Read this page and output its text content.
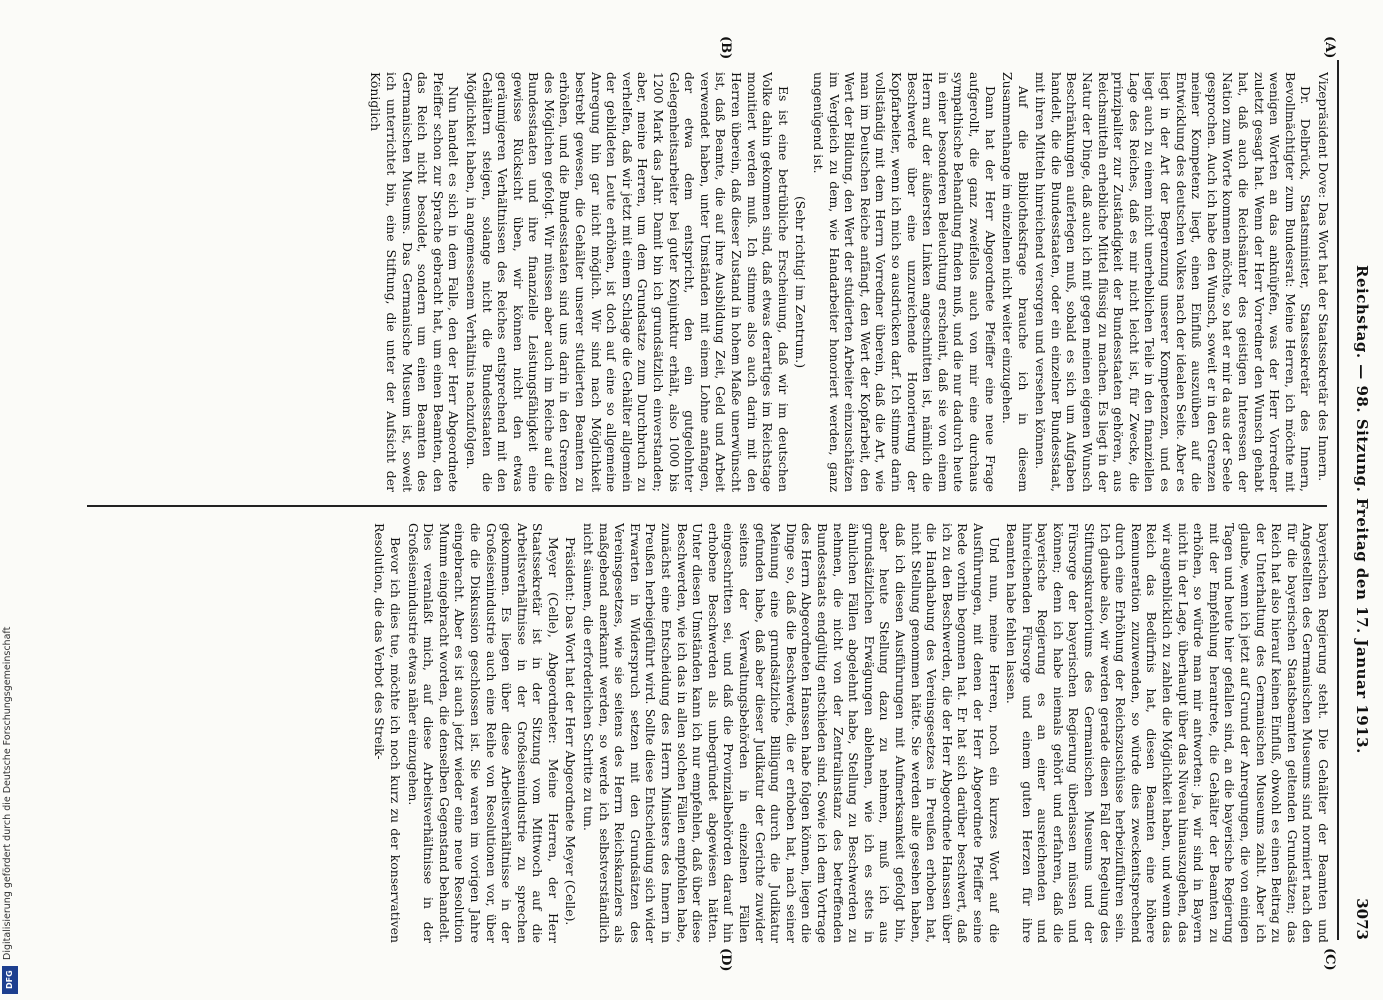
Reichstag. — 98. Sitzung. Freitag den 17. Januar 1913.
3073
(A)
(B)
(C)
(D)

Vizepräsident Dove: Das Wort hat der Staatssekretär des Innern.

Dr. Delbrück, Staatsminister, Staatssekretär des Innern, Bevollmächtigter zum Bundesrat: Meine Herren, ich möchte mit wenigen Worten an das anknüpfen, was der Herr Vorredner zuletzt gesagt hat. Wenn der Herr Vorredner den Wunsch gehabt hat, daß auch die Reichsämter des geistigen Interessen der Nation zum Worte kommen möchte, so hat er mir da aus der Seele gesprochen. Auch ich habe den Wunsch, soweit er in den Grenzen meiner Kompetenz liegt, einen Einfluß auszuüben auf die Entwicklung des deutschen Volkes nach der idealen Seite. Aber es liegt in der Art der Begrenzung unserer Kompetenzen, und es liegt auch zu einem nicht unerheblichen Teile in den finanziellen Lage des Reiches, daß es mir nicht leicht ist, für Zwecke, die prinzipaliter zur Zuständigkeit der Bundesstaaten gehören, aus Reichsmitteln erhebliche Mittel flüssig zu machen. Es liegt in der Natur der Dinge, daß auch ich mit gegen meinen eigenen Wunsch Beschränkungen auferlegen muß, sobald es sich um Aufgaben handelt, die die Bundesstaaten, oder ein einzelner Bundesstaat, mit ihren Mitteln hinreichend versorgen und versehen können.

Auf die Bibliotheksfrage brauche ich in diesem Zusammenhange im einzelnen nicht weiter einzugehen.

Dann hat der Herr Abgeordnete Pfeiffer eine neue Frage aufgerollt, die ganz zweifellos auch von mir eine durchaus sympathische Behandlung finden muß, und die nur dadurch heute in einer besonderen Beleuchtung erscheint, daß sie von einem Herrn auf der äußersten Linken angeschnitten ist, nämlich die Beschwerde über eine unzureichende Honorierung der Kopfarbeiter, wenn ich mich so ausdrücken darf. Ich stimme darin vollständig mit dem Herrn Vorredner überein, daß die Art, wie man im Deutschen Reiche anfängt, den Wert der Kopfarbeit, den Wert der Bildung, den Wert der studierten Arbeiter einzuschätzen im Vergleich zu dem, wie Handarbeiter honoriert werden, ganz ungenügend ist.

(Sehr richtig! im Zentrum.)

Es ist eine betrübliche Erscheinung, daß wir im deutschen Volke dahin gekommen sind, daß etwas derartiges im Reichstage monitiert werden muß. Ich stimme also auch darin mit den Herren überein, daß dieser Zustand in hohem Maße unerwünscht ist, daß Beamte, die auf ihre Ausbildung Zeit, Geld und Arbeit verwendet haben, unter Umständen mit einem Lohne anfangen, der etwa dem entspricht, den ein gutgelohnter Gelegenheitsarbeiter bei guter Konjunktur erhält, also 1000 bis 1200 Mark das Jahr. Damit bin ich grundsätzlich einverstanden; aber, meine Herren, um dem Grundsatze zum Durchbruch zu verhelfen, daß wir jetzt mit einem Schlage die Gehälter allgemein der gebildeten Leute erhöhen, ist doch auf eine so allgemeine Anregung hin gar nicht möglich. Wir sind nach Möglichkeit bestrebt gewesen, die Gehälter unserer studierten Beamten zu erhöhen, und die Bundesstaaten sind uns darin in den Grenzen des Möglichen gefolgt. Wir müssen aber auch im Reiche auf die Bundesstaaten und ihre finanzielle Leistungsfähigkeit eine gewisse Rücksicht üben, wir können nicht den etwas geräumigeren Verhältnissen des Reiches entsprechend mit den Gehältern steigen, solange nicht die Bundesstaaten die Möglichkeit haben, in angemessenem Verhältnis nachzufolgen.

Nun handelt es sich in dem Falle, den der Herr Abgeordnete Pfeiffer schon zur Sprache gebracht hat, um einen Beamten, den das Reich nicht besoldet, sondern um einen Beamten des Germanischen Museums. Das Germanische Museum ist, soweit ich unterrichtet bin, eine Stiftung, die unter der Aufsicht der Königlich

bayerischen Regierung steht. Die Gehälter der Beamten und Angestellten des Germanischen Museums sind normiert nach den für die bayerischen Staatsbeamten geltenden Grundsätzen; das Reich hat also hierauf keinen Einfluß, obwohl es einen Beitrag zu der Unterhaltung des Germanischen Museums zahlt. Aber ich glaube, wenn ich jetzt auf Grund der Anregungen, die von einigen Tagen und heute hier gefallen sind, an die bayerische Regierung mit der Empfehlung herantrete, die Gehälter der Beamten zu erhöhen, so würde man mir antworten: ja, wir sind in Bayern nicht in der Lage, überhaupt über das Niveau hinauszugehen, das wir augenblicklich zu zahlen die Möglichkeit haben, und wenn das Reich das Bedürfnis hat, diesen Beamten eine höhere Remuneration zuzuwenden, so würde dies zweckentsprechend durch eine Erhöhung der Reichszuschüsse herbeizuführen sein. Ich glaube also, wir werden gerade diesen Fall der Regelung des Stiftungskuratoriums des Germanischen Museums und der Fürsorge der bayerischen Regierung überlassen müssen und können; denn ich habe niemals gehört und erfahren, daß die bayerische Regierung es an einer ausreichenden und hinreichenden Fürsorge und einem guten Herzen für ihre Beamten habe fehlen lassen.

Und nun, meine Herren, noch ein kurzes Wort auf die Ausführungen, mit denen der Herr Abgeordnete Pfeiffer seine Rede vorhin begonnen hat. Er hat sich darüber beschwert, daß ich zu den Beschwerden, die der Herr Abgeordnete Hanssen über die Handhabung des Vereinsgesetzes in Preußen erhoben hat, nicht Stellung genommen hätte. Sie werden alle gesehen haben, daß ich diesen Ausführungen mit Aufmerksamkeit gefolgt bin, aber heute Stellung dazu zu nehmen, muß ich aus grundsätzlichen Erwägungen ablehnen, wie ich es stets in ähnlichen Fällen abgelehnt habe, Stellung zu Beschwerden zu nehmen, die nicht von der Zentralinstanz des betreffenden Bundesstaats endgültig entschieden sind. Sowie ich dem Vortrage des Herrn Abgeordneten Hanssen habe folgen können, liegen die Dinge so, daß die Beschwerde, die er erhoben hat, nach seiner Meinung eine grundsätzliche Billigung durch die Judikatur gefunden habe, daß aber dieser Judikatur der Gerichte zuwider seitens der Verwaltungsbehörden in einzelnen Fällen eingeschritten sei, und daß die Provinzialbehörden darauf hin erhobene Beschwerden als unbegründet abgewiesen hätten. Unter diesen Umständen kann ich nur empfehlen, daß über diese Beschwerden, wie ich das in allen solchen Fällen empfohlen habe, zunächst eine Entscheidung des Herrn Ministers des Innern in Preußen herbeigeführt wird. Sollte diese Entscheidung sich wider Erwarten in Widerspruch setzen mit den Grundsätzen des Vereinsgesetzes, wie sie seitens des Herrn Reichskanzlers als maßgebend anerkannt werden, so werde ich selbstverständlich nicht säumen, die erforderlichen Schritte zu tun.

Präsident: Das Wort hat der Herr Abgeordnete Meyer (Celle).

Meyer (Celle), Abgeordneter: Meine Herren, der Herr Staatssekretär ist in der Sitzung vom Mittwoch auf die Arbeitsverhältnisse in der Großeisenindustrie zu sprechen gekommen. Es liegen über diese Arbeitsverhältnisse in der Großeisenindustrie auch eine Reihe von Resolutionen vor, über die die Diskussion geschlossen ist. Sie waren im vorigen Jahre eingebracht. Aber es ist auch jetzt wieder eine neue Resolution Mumm eingebracht worden, die denselben Gegenstand behandelt. Dies veranlaßt mich, auf diese Arbeitsverhältnisse in der Großeisenindustrie etwas näher einzugehen.

Bevor ich dies tue, möchte ich noch kurz zu der konservativen Resolution, die das Verbot des Streik-

Digitalisierung gefördert durch die Deutsche Forschungsgemeinschaft
DFG
